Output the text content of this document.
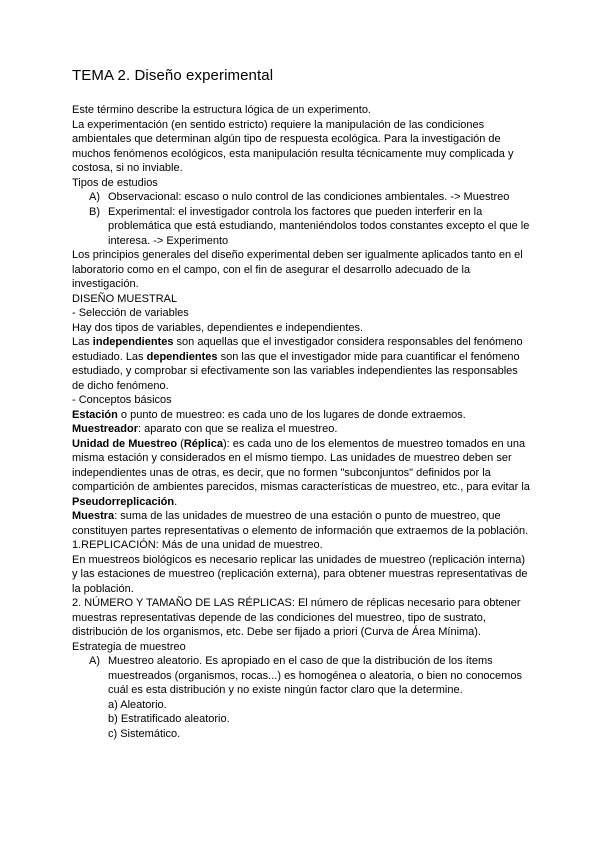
TEMA 2. Diseño experimental

Este término describe la estructura lógica de un experimento.

La experimentación (en sentido estricto) requiere la manipulación de las condiciones ambientales que determinan algún tipo de respuesta ecológica. Para la investigación de muchos fenómenos ecológicos, esta manipulación resulta técnicamente muy complicada y costosa, si no inviable.

Tipos de estudios

A) Observacional: escaso o nulo control de las condiciones ambientales. -> Muestreo
B) Experimental: el investigador controla los factores que pueden interferir en la problemática que está estudiando, manteniéndolos todos constantes excepto el que le interesa. -> Experimento

Los principios generales del diseño experimental deben ser igualmente aplicados tanto en el laboratorio como en el campo, con el fin de asegurar el desarrollo adecuado de la investigación.

DISEÑO MUESTRAL

- Selección de variables

Hay dos tipos de variables, dependientes e independientes.

Las independientes son aquellas que el investigador considera responsables del fenómeno estudiado. Las dependientes son las que el investigador mide para cuantificar el fenómeno estudiado, y comprobar si efectivamente son las variables independientes las responsables de dicho fenómeno.

- Conceptos básicos

Estación o punto de muestreo: es cada uno de los lugares de donde extraemos.

Muestreador: aparato con que se realiza el muestreo.

Unidad de Muestreo (Réplica): es cada uno de los elementos de muestreo tomados en una misma estación y considerados en el mismo tiempo. Las unidades de muestreo deben ser independientes unas de otras, es decir, que no formen "subconjuntos" definidos por la compartición de ambientes parecidos, mismas características de muestreo, etc., para evitar la Pseudorreplicación.

Muestra: suma de las unidades de muestreo de una estación o punto de muestreo, que constituyen partes representativas o elemento de información que extraemos de la población.

1.REPLICACIÓN: Más de una unidad de muestreo.

En muestreos biológicos es necesario replicar las unidades de muestreo (replicación interna) y las estaciones de muestreo (replicación externa), para obtener muestras representativas de la población.

2. NÚMERO Y TAMAÑO DE LAS RÉPLICAS: El número de réplicas necesario para obtener muestras representativas depende de las condiciones del muestreo, tipo de sustrato, distribución de los organismos, etc. Debe ser fijado a priori (Curva de Área Mínima).

Estrategia de muestreo

A) Muestreo aleatorio. Es apropiado en el caso de que la distribución de los ítems muestreados (organismos, rocas...) es homogénea o aleatoria, o bien no conocemos cuál es esta distribución y no existe ningún factor claro que la determine.
a) Aleatorio.
b) Estratificado aleatorio.
c) Sistemático.
